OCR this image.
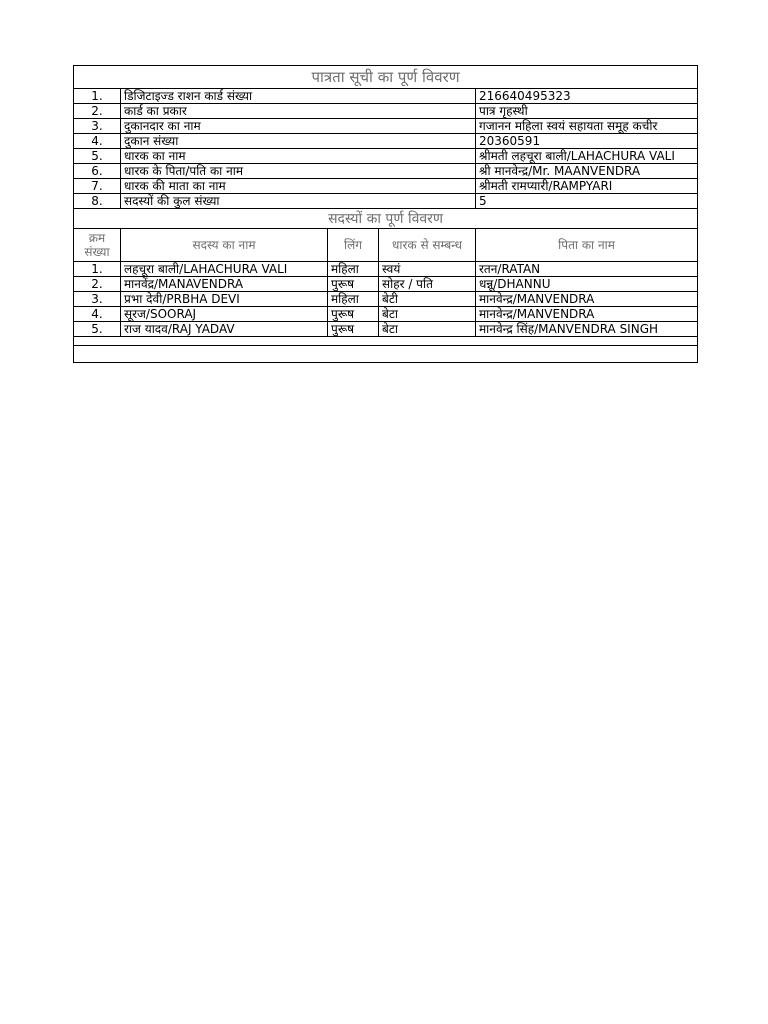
पात्रता सूची का पूर्ण विवरण				
1.	डिजिटाइज्ड राशन कार्ड संख्या			216640495323
2.	कार्ड का प्रकार			पात्र गृहस्थी
3.	दुकानदार का नाम			गजानन महिला स्वयं सहायता समूह कचीर
4.	दुकान संख्या			20360591
5.	धारक का नाम			श्रीमती लहचूरा बाली/LAHACHURA VALI
6.	धारक के पिता/पति का नाम			श्री मानवेन्द्र/Mr. MAANVENDRA
7.	धारक की माता का नाम			श्रीमती रामप्यारी/RAMPYARI
8.	सदस्यों की कुल संख्या			5
सदस्यों का पूर्ण विवरण				
क्रम संख्या	सदस्य का नाम	लिंग	धारक से सम्बन्ध	पिता का नाम
1.	लहचूरा बाली/LAHACHURA VALI	महिला	स्वयं	रतन/RATAN
2.	मानवेंद्र/MANAVENDRA	पुरूष	सोहर / पति	धन्नू/DHANNU
3.	प्रभा देवी/PRBHA DEVI	महिला	बेटी	मानवेन्द्र/MANVENDRA
4.	सूरज/SOORAJ	पुरूष	बेटा	मानवेन्द्र/MANVENDRA
5.	राज यादव/RAJ YADAV	पुरूष	बेटा	मानवेन्द्र सिंह/MANVENDRA SINGH
